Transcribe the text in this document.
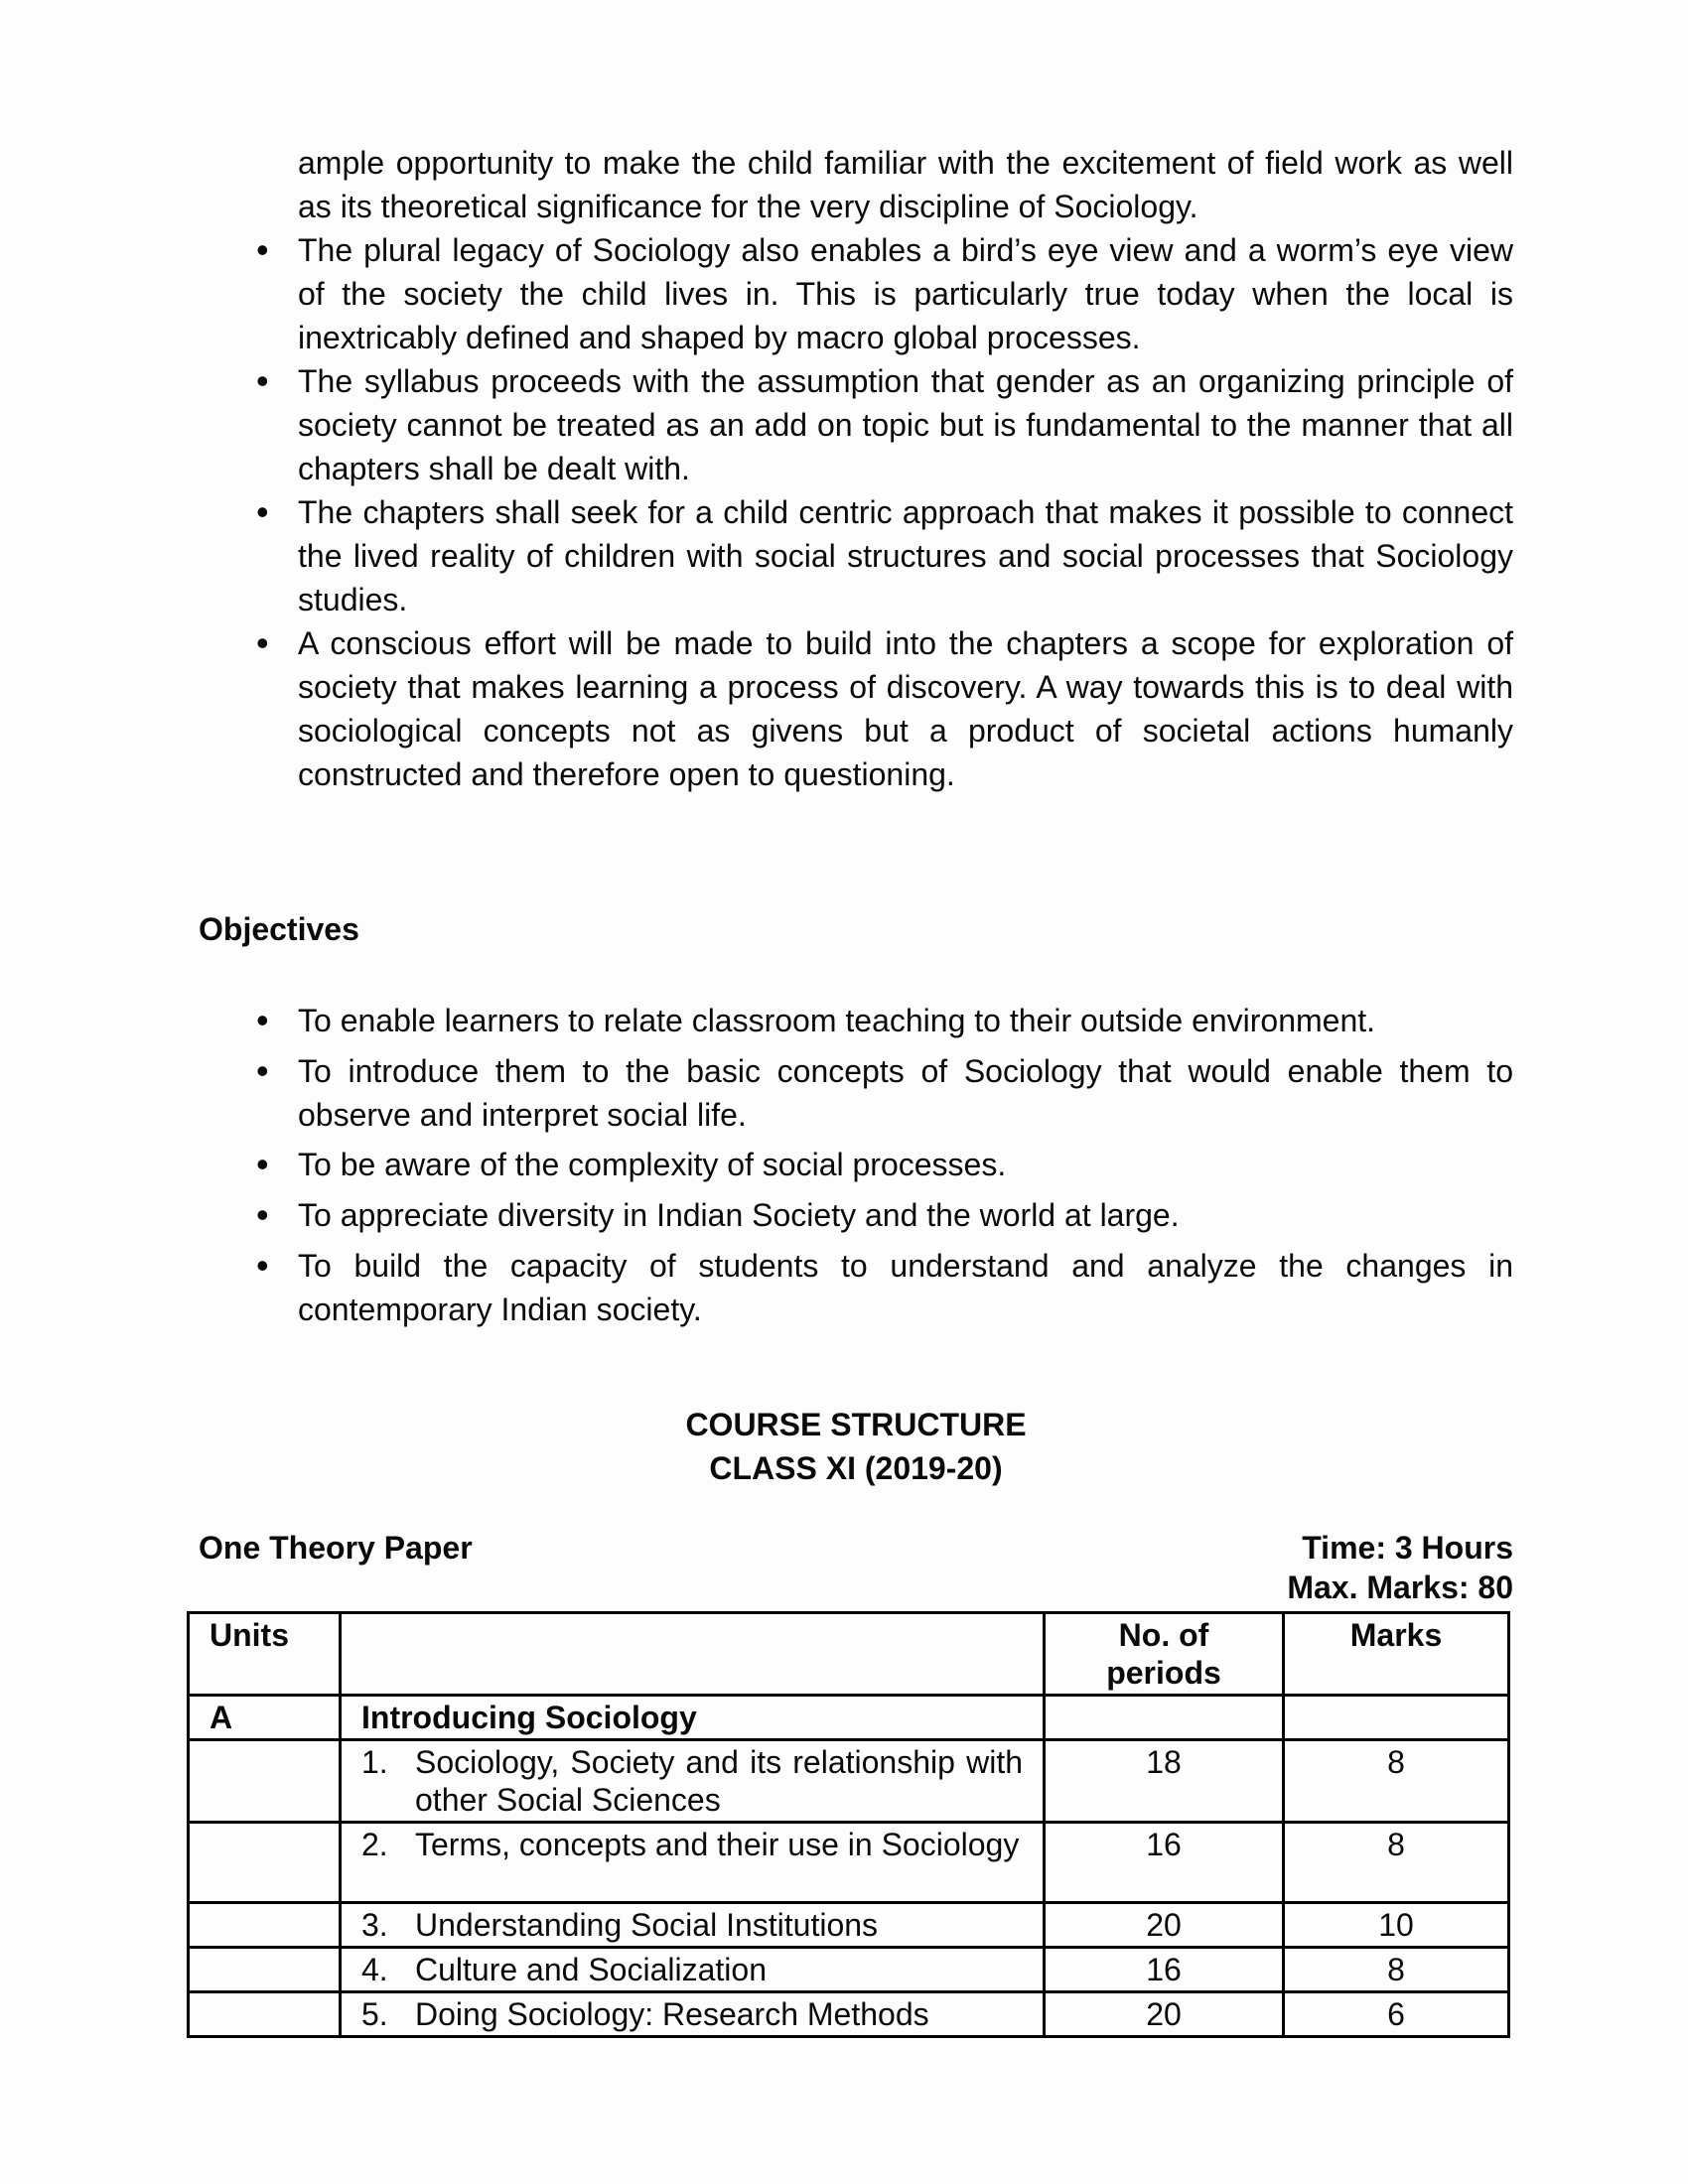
ample opportunity to make the child familiar with the excitement of field work as well as its theoretical significance for the very discipline of Sociology.

•
The plural legacy of Sociology also enables a bird’s eye view and a worm’s eye view of the society the child lives in. This is particularly true today when the local is inextricably defined and shaped by macro global processes.
•
The syllabus proceeds with the assumption that gender as an organizing principle of society cannot be treated as an add on topic but is fundamental to the manner that all chapters shall be dealt with.
•
The chapters shall seek for a child centric approach that makes it possible to connect the lived reality of children with social structures and social processes that Sociology studies.
•
A conscious effort will be made to build into the chapters a scope for exploration of society that makes learning a process of discovery. A way towards this is to deal with sociological concepts not as givens but a product of societal actions humanly constructed and therefore open to questioning.
Objectives
•
To enable learners to relate classroom teaching to their outside environment.
•
To introduce them to the basic concepts of Sociology that would enable them to observe and interpret social life.
•
To be aware of the complexity of social processes.
•
To appreciate diversity in Indian Society and the world at large.
•
To build the capacity of students to understand and analyze the changes in contemporary Indian society.
COURSE STRUCTURE
CLASS XI (2019-20)
One Theory Paper	Time: 3 Hours
Max. Marks: 80
Units		No. of periods	Marks
A	Introducing Sociology		

	1. Sociology, Society and its relationship with other Social Sciences	18	8

	2. Terms, concepts and their use in Sociology	16	8

	3. Understanding Social Institutions	20	10

	4. Culture and Socialization	16	8

	5. Doing Sociology: Research Methods	20	6
